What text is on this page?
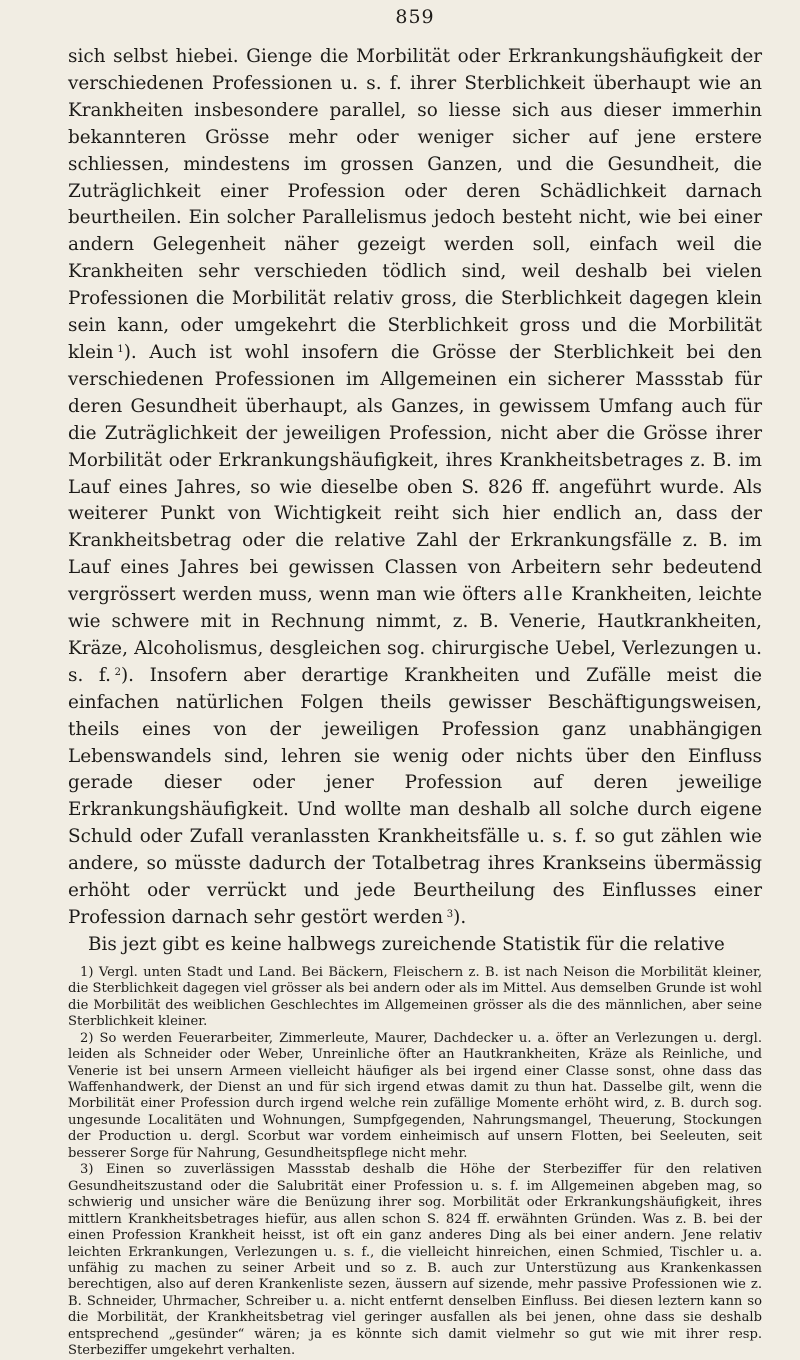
859

sich selbst hiebei. Gienge die Morbilität oder Erkrankungshäufigkeit der verschiedenen Professionen u. s. f. ihrer Sterblichkeit überhaupt wie an Krankheiten insbesondere parallel, so liesse sich aus dieser immerhin bekannteren Grösse mehr oder weniger sicher auf jene erstere schliessen, mindestens im grossen Ganzen, und die Gesundheit, die Zuträglichkeit einer Profession oder deren Schädlichkeit darnach beurtheilen. Ein solcher Parallelismus jedoch besteht nicht, wie bei einer andern Gelegenheit näher gezeigt werden soll, einfach weil die Krankheiten sehr verschieden tödlich sind, weil deshalb bei vielen Professionen die Morbilität relativ gross, die Sterblichkeit dagegen klein sein kann, oder umgekehrt die Sterblichkeit gross und die Morbilität klein  $^1$). Auch ist wohl insofern die Grösse der Sterblichkeit bei den verschiedenen Professionen im Allgemeinen ein sicherer Massstab für deren Gesundheit überhaupt, als Ganzes, in gewissem Umfang auch für die Zuträglichkeit der jeweiligen Profession, nicht aber die Grösse ihrer Morbilität oder Erkrankungshäufigkeit, ihres Krankheitsbetrages z. B. im Lauf eines Jahres, so wie dieselbe oben S. 826 ff. angeführt wurde. Als weiterer Punkt von Wichtigkeit reiht sich hier endlich an, dass der Krankheitsbetrag oder die relative Zahl der Erkrankungsfälle z. B. im Lauf eines Jahres bei gewissen Classen von Arbeitern sehr bedeutend vergrössert werden muss, wenn man wie öfters alle Krankheiten, leichte wie schwere mit in Rechnung nimmt, z. B. Venerie, Hautkrankheiten, Kräze, Alcoholismus, desgleichen sog. chirurgische Uebel, Verlezungen u. s. f.  $^2$). Insofern aber derartige Krankheiten und Zufälle meist die einfachen natürlichen Folgen theils gewisser Beschäftigungsweisen, theils eines von der jeweiligen Profession ganz unabhängigen Lebenswandels sind, lehren sie wenig oder nichts über den Einfluss gerade dieser oder jener Profession auf deren jeweilige Erkrankungshäufigkeit. Und wollte man deshalb all solche durch eigene Schuld oder Zufall veranlassten Krankheitsfälle u. s. f. so gut zählen wie andere, so müsste dadurch der Totalbetrag ihres Krankseins übermässig erhöht oder verrückt und jede Beurtheilung des Einflusses einer Profession darnach sehr gestört werden  $^3$).

Bis jezt gibt es keine halbwegs zureichende Statistik für die relative

1) Vergl. unten Stadt und Land. Bei Bäckern, Fleischern z. B. ist nach Neison die Morbilität kleiner, die Sterblichkeit dagegen viel grösser als bei andern oder als im Mittel. Aus demselben Grunde ist wohl die Morbilität des weiblichen Geschlechtes im Allgemeinen grösser als die des männlichen, aber seine Sterblichkeit kleiner.

2) So werden Feuerarbeiter, Zimmerleute, Maurer, Dachdecker u. a. öfter an Verlezungen u. dergl. leiden als Schneider oder Weber, Unreinliche öfter an Hautkrankheiten, Kräze als Reinliche, und Venerie ist bei unsern Armeen vielleicht häufiger als bei irgend einer Classe sonst, ohne dass das Waffenhandwerk, der Dienst an und für sich irgend etwas damit zu thun hat. Dasselbe gilt, wenn die Morbilität einer Profession durch irgend welche rein zufällige Momente erhöht wird, z. B. durch sog. ungesunde Localitäten und Wohnungen, Sumpfgegenden, Nahrungsmangel, Theuerung, Stockungen der Production u. dergl. Scorbut war vordem einheimisch auf unsern Flotten, bei Seeleuten, seit besserer Sorge für Nahrung, Gesundheitspflege nicht mehr.

3) Einen so zuverlässigen Massstab deshalb die Höhe der Sterbeziffer für den relativen Gesundheitszustand oder die Salubrität einer Profession u. s. f. im Allgemeinen abgeben mag, so schwierig und unsicher wäre die Benüzung ihrer sog. Morbilität oder Erkrankungshäufigkeit, ihres mittlern Krankheitsbetrages hiefür, aus allen schon S. 824 ff. erwähnten Gründen. Was z. B. bei der einen Profession Krankheit heisst, ist oft ein ganz anderes Ding als bei einer andern. Jene relativ leichten Erkrankungen, Verlezungen u. s. f., die vielleicht hinreichen, einen Schmied, Tischler u. a. unfähig zu machen zu seiner Arbeit und so z. B. auch zur Unterstüzung aus Krankenkassen berechtigen, also auf deren Krankenliste sezen, äussern auf sizende, mehr passive Professionen wie z. B. Schneider, Uhrmacher, Schreiber u. a. nicht entfernt denselben Einfluss. Bei diesen leztern kann so die Morbilität, der Krankheitsbetrag viel geringer ausfallen als bei jenen, ohne dass sie deshalb entsprechend „gesünder“ wären; ja es könnte sich damit vielmehr so gut wie mit ihrer resp. Sterbeziffer umgekehrt verhalten.
